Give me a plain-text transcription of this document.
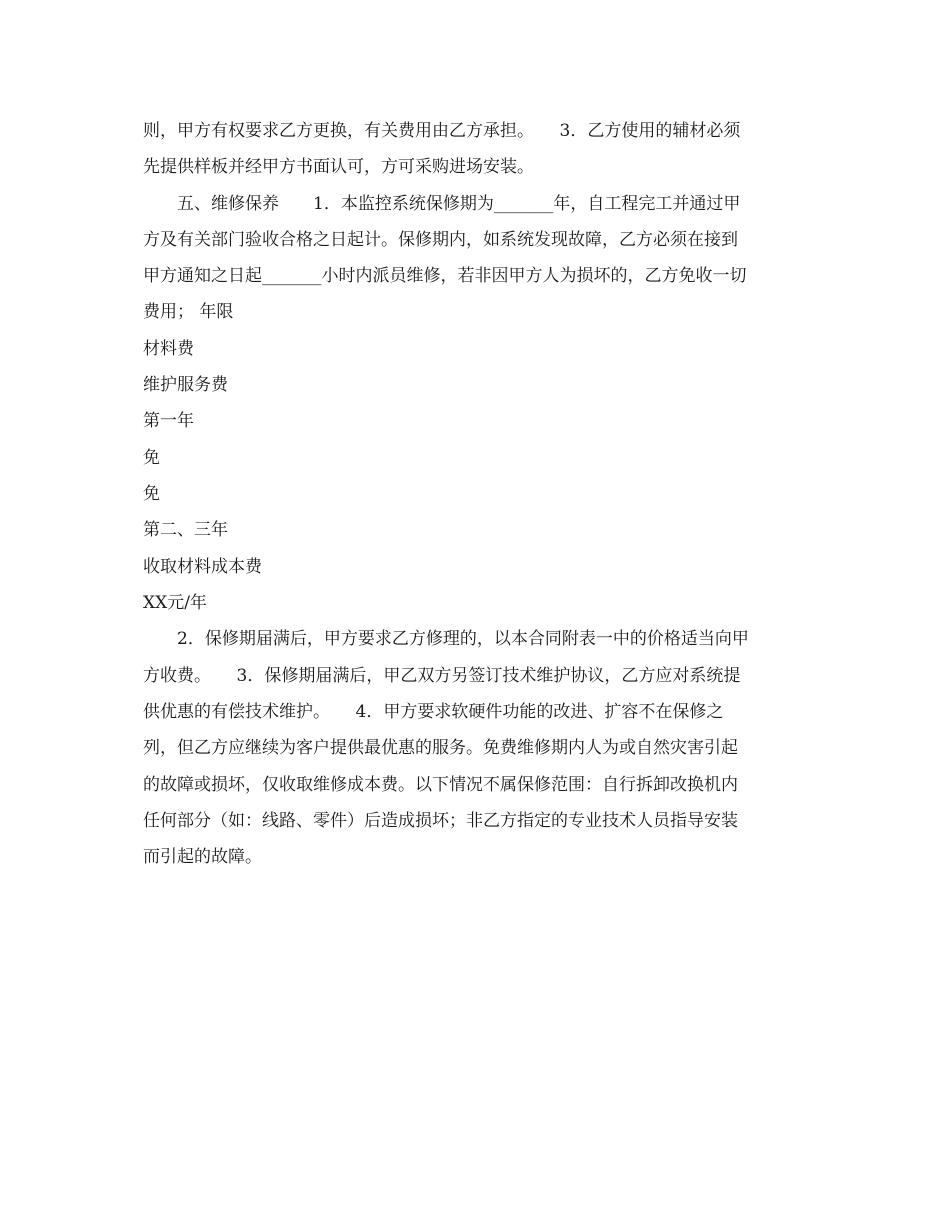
则，甲方有权要求乙方更换，有关费用由乙方承担。　　3．乙方使用的辅材必须
先提供样板并经甲方书面认可，方可采购进场安装。
　　五、维修保养　　1．本监控系统保修期为_______年，自工程完工并通过甲
方及有关部门验收合格之日起计。保修期内，如系统发现故障，乙方必须在接到
甲方通知之日起_______小时内派员维修，若非因甲方人为损坏的，乙方免收一切
费用； 年限
材料费
维护服务费
第一年
免
免
第二、三年
收取材料成本费
XX元/年
　　2．保修期届满后，甲方要求乙方修理的，以本合同附表一中的价格适当向甲
方收费。　　3．保修期届满后，甲乙双方另签订技术维护协议，乙方应对系统提
供优惠的有偿技术维护。　　4．甲方要求软硬件功能的改进、扩容不在保修之
列，但乙方应继续为客户提供最优惠的服务。免费维修期内人为或自然灾害引起
的故障或损坏，仅收取维修成本费。以下情况不属保修范围：自行拆卸改换机内
任何部分（如：线路、零件）后造成损坏；非乙方指定的专业技术人员指导安装
而引起的故障。
